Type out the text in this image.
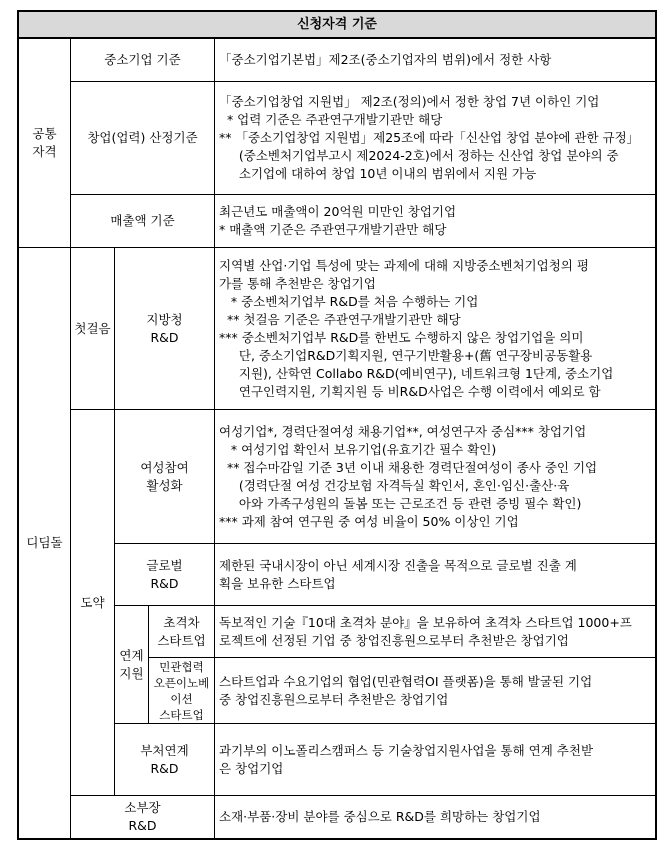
신청자격 기준
공통
자격
중소기업 기준	「중소기업기본법」제2조(중소기업자의 범위)에서 정한 사항
창업(업력) 산정기준
「중소기업창업 지원법」 제2조(정의)에서 정한 창업 7년 이하인 기업
* 업력 기준은 주관연구개발기관만 해당
** 「중소기업창업 지원법」제25조에 따라「신산업 창업 분야에 관한 규정」
(중소벤처기업부고시 제2024-2호)에서 정하는 신산업 창업 분야의 중
소기업에 대하여 창업 10년 이내의 범위에서 지원 가능
매출액 기준
최근년도 매출액이 20억원 미만인 창업기업
* 매출액 기준은 주관연구개발기관만 해당
디딤돌
첫걸음
지방청
R&D
지역별 산업·기업 특성에 맞는 과제에 대해 지방중소벤처기업청의 평
가를 통해 추천받은 창업기업
* 중소벤처기업부 R&D를 처음 수행하는 기업
** 첫걸음 기준은 주관연구개발기관만 해당
*** 중소벤처기업부 R&D를 한번도 수행하지 않은 창업기업을 의미
단, 중소기업R&D기획지원, 연구기반활용+(舊 연구장비공동활용
지원), 산학연 Collabo R&D(예비연구), 네트워크형 1단계, 중소기업
연구인력지원, 기획지원 등 비R&D사업은 수행 이력에서 예외로 함
도약
여성참여
활성화
여성기업*, 경력단절여성 채용기업**, 여성연구자 중심*** 창업기업
* 여성기업 확인서 보유기업(유효기간 필수 확인)
** 접수마감일 기준 3년 이내 채용한 경력단절여성이 종사 중인 기업
(경력단절 여성 건강보험 자격득실 확인서, 혼인·임신·출산·육
아와 가족구성원의 돌봄 또는 근로조건 등 관련 증빙 필수 확인)
*** 과제 참여 연구원 중 여성 비율이 50% 이상인 기업
글로벌
R&D
제한된 국내시장이 아닌 세계시장 진출을 목적으로 글로벌 진출 계
획을 보유한 스타트업
연계
지원
초격차
스타트업
독보적인 기술『10대 초격차 분야』을 보유하여 초격차 스타트업 1000+프
로젝트에 선정된 기업 중 창업진흥원으로부터 추천받은 창업기업
민관협력
오픈이노베이션
스타트업
스타트업과 수요기업의 협업(민관협력OI 플랫폼)을 통해 발굴된 기업
중 창업진흥원으로부터 추천받은 창업기업
부처연계
R&D
과기부의 이노폴리스캠퍼스 등 기술창업지원사업을 통해 연계 추천받
은 창업기업
소부장
R&D
소재·부품·장비 분야를 중심으로 R&D를 희망하는 창업기업
